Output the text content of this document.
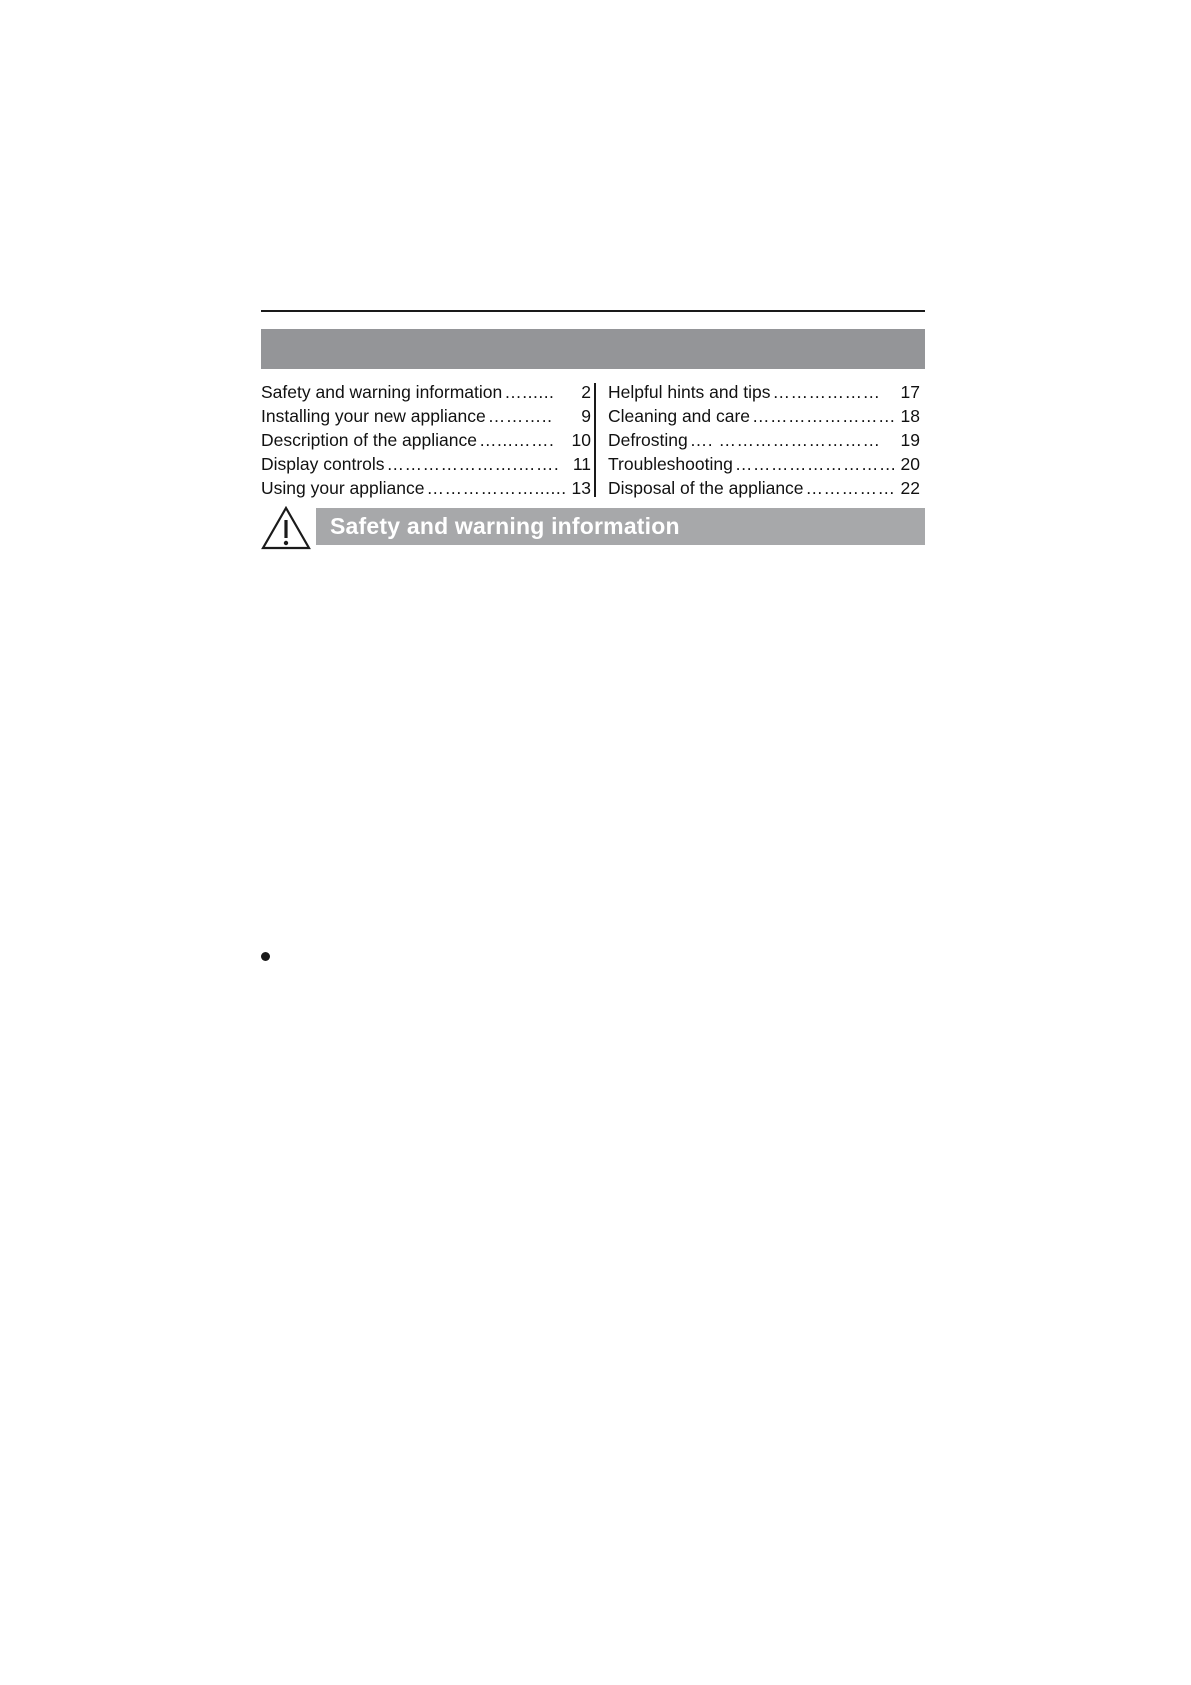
Safety and warning information …......	2
Installing your new appliance ………..	9
Description of the appliance …...……. 10
Display controls ………………….……. 11
Using your appliance ………………...... 13
Helpful hints and tips ………………	17
Cleaning and care …………………… 18
Defrosting …. ………………………	19
Troubleshooting ……………………… 20
Disposal of the appliance …………… 22
Safety and warning information
